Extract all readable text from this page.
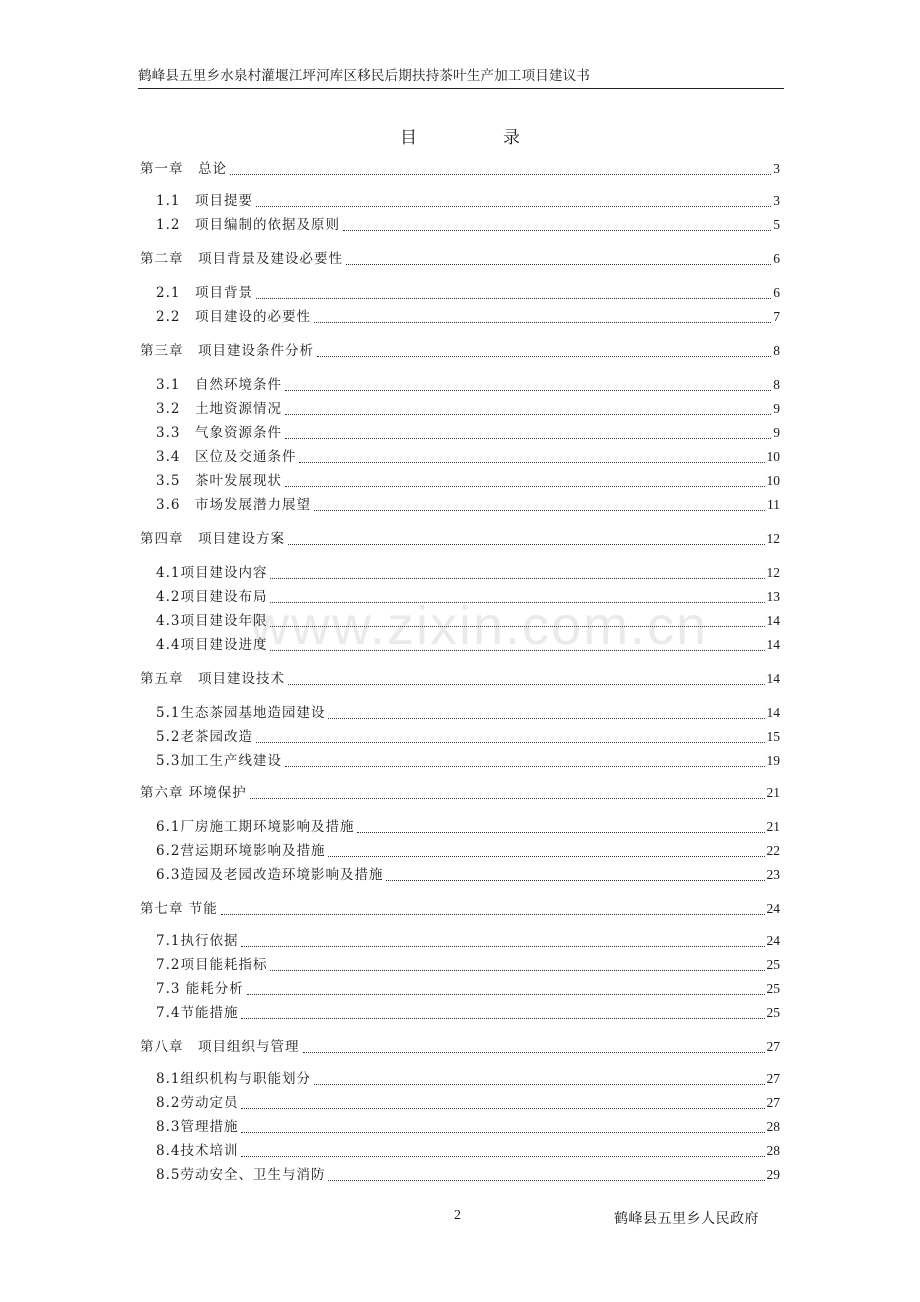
鹤峰县五里乡水泉村灌堰江坪河库区移民后期扶持茶叶生产加工项目建议书
目	录
www.zixin.com.cn
第一章　总论	3
1.1　项目提要	3
1.2　项目编制的依据及原则	5
第二章　项目背景及建设必要性	6
2.1　项目背景	6
2.2　项目建设的必要性	7
第三章　项目建设条件分析	8
3.1　自然环境条件	8
3.2　土地资源情况	9
3.3　气象资源条件	9
3.4　区位及交通条件	10
3.5　茶叶发展现状	10
3.6　市场发展潜力展望	11
第四章　项目建设方案	12
4.1项目建设内容	12
4.2项目建设布局	13
4.3项目建设年限	14
4.4项目建设进度	14
第五章　项目建设技术	14
5.1生态茶园基地造园建设	14
5.2老茶园改造	15
5.3加工生产线建设	19
第六章 环境保护	21
6.1厂房施工期环境影响及措施	21
6.2营运期环境影响及措施	22
6.3造园及老园改造环境影响及措施	23
第七章 节能	24
7.1执行依据	24
7.2项目能耗指标	25
7.3 能耗分析	25
7.4节能措施	25
第八章　项目组织与管理	27
8.1组织机构与职能划分	27
8.2劳动定员	27
8.3管理措施	28
8.4技术培训	28
8.5劳动安全、卫生与消防	29
2	鹤峰县五里乡人民政府
